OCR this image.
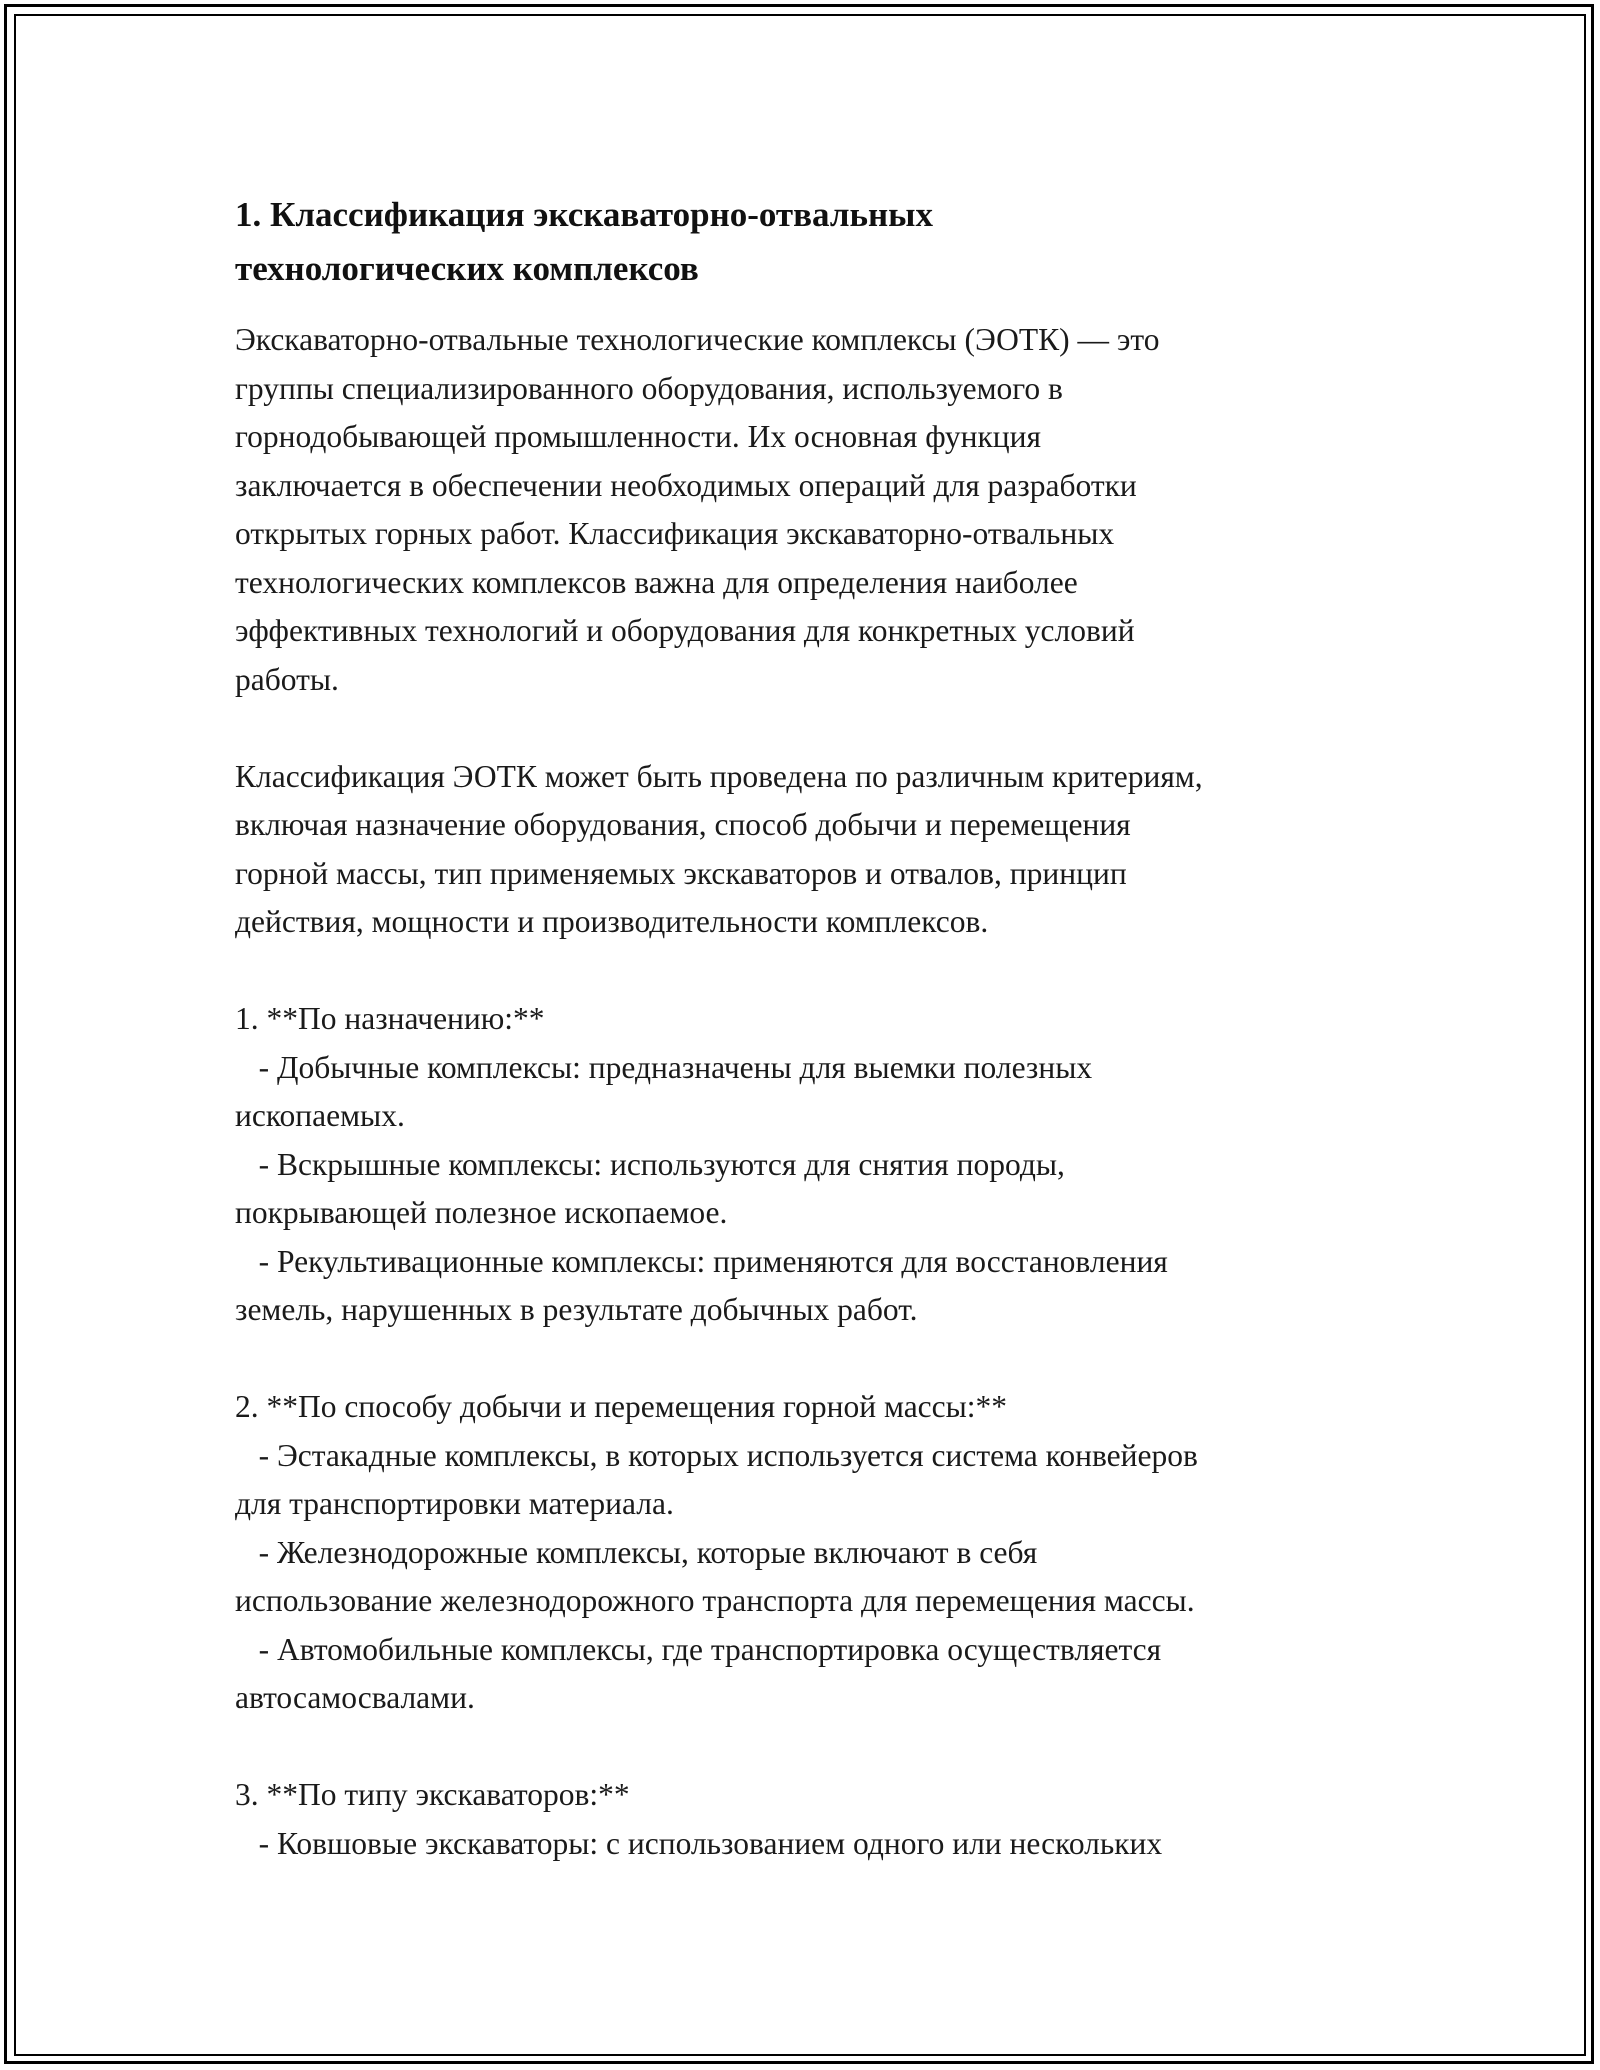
1. Классификация экскаваторно-отвальных
технологических комплексов

Экскаваторно-отвальные технологические комплексы (ЭОТК) — это
группы специализированного оборудования, используемого в
горнодобывающей промышленности. Их основная функция
заключается в обеспечении необходимых операций для разработки
открытых горных работ. Классификация экскаваторно-отвальных
технологических комплексов важна для определения наиболее
эффективных технологий и оборудования для конкретных условий
работы.

Классификация ЭОТК может быть проведена по различным критериям,
включая назначение оборудования, способ добычи и перемещения
горной массы, тип применяемых экскаваторов и отвалов, принцип
действия, мощности и производительности комплексов.

1. **По назначению:**
- Добычные комплексы: предназначены для выемки полезных
ископаемых.
- Вскрышные комплексы: используются для снятия породы,
покрывающей полезное ископаемое.
- Рекультивационные комплексы: применяются для восстановления
земель, нарушенных в результате добычных работ.

2. **По способу добычи и перемещения горной массы:**
- Эстакадные комплексы, в которых используется система конвейеров
для транспортировки материала.
- Железнодорожные комплексы, которые включают в себя
использование железнодорожного транспорта для перемещения массы.
- Автомобильные комплексы, где транспортировка осуществляется
автосамосвалами.

3. **По типу экскаваторов:**
- Ковшовые экскаваторы: с использованием одного или нескольких
